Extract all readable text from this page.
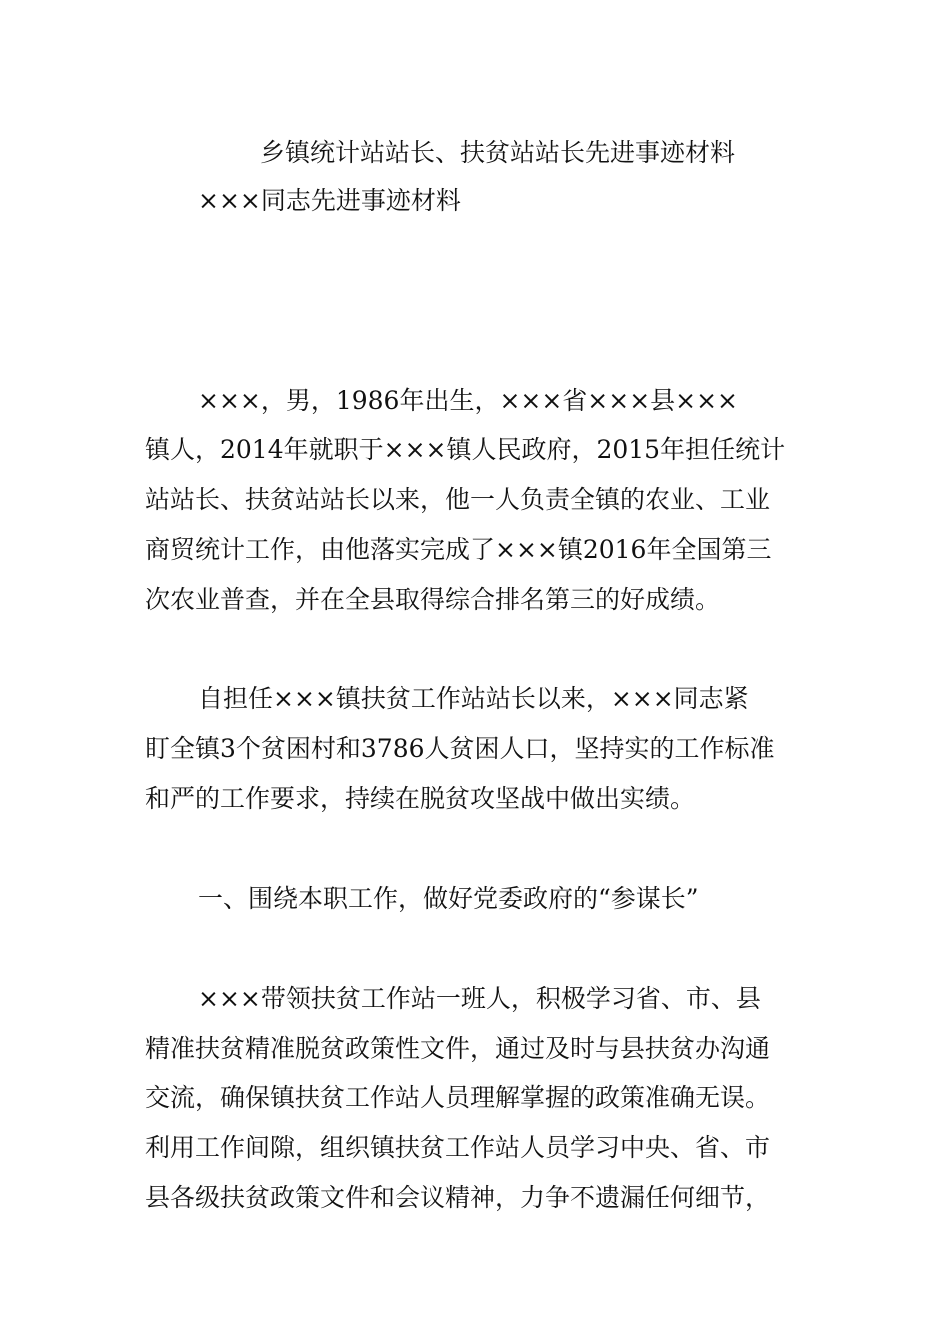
乡镇统计站站长、扶贫站站长先进事迹材料
×××同志先进事迹材料
×××，男，1986年出生，×××省×××县×××
镇人，2014年就职于×××镇人民政府，2015年担任统计
站站长、扶贫站站长以来，他一人负责全镇的农业、工业
商贸统计工作，由他落实完成了×××镇2016年全国第三
次农业普查，并在全县取得综合排名第三的好成绩。
自担任×××镇扶贫工作站站长以来，×××同志紧
盯全镇3个贫困村和3786人贫困人口，坚持实的工作标准
和严的工作要求，持续在脱贫攻坚战中做出实绩。
一、围绕本职工作，做好党委政府的“参谋长”
×××带领扶贫工作站一班人，积极学习省、市、县
精准扶贫精准脱贫政策性文件，通过及时与县扶贫办沟通
交流，确保镇扶贫工作站人员理解掌握的政策准确无误。
利用工作间隙，组织镇扶贫工作站人员学习中央、省、市
县各级扶贫政策文件和会议精神，力争不遗漏任何细节，
